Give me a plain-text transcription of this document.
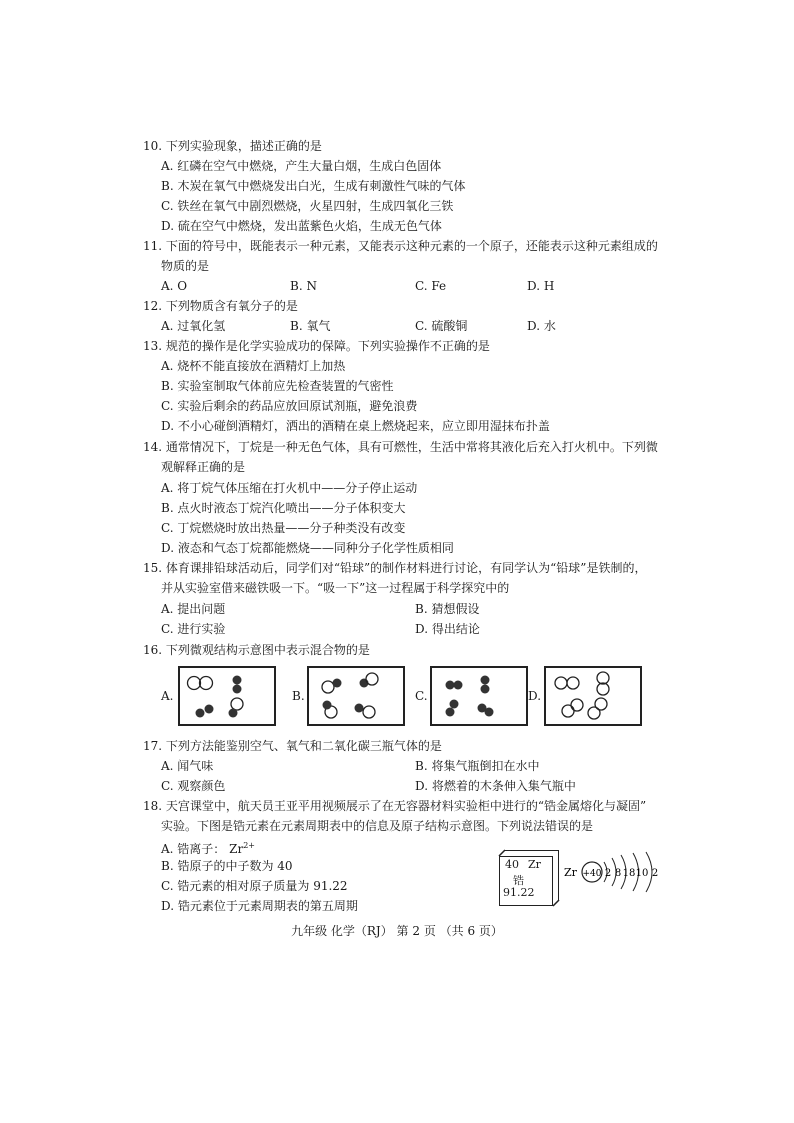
10. 下列实验现象，描述正确的是
A. 红磷在空气中燃烧，产生大量白烟，生成白色固体
B. 木炭在氧气中燃烧发出白光，生成有刺激性气味的气体
C. 铁丝在氧气中剧烈燃烧，火星四射，生成四氧化三铁
D. 硫在空气中燃烧，发出蓝紫色火焰，生成无色气体
11. 下面的符号中，既能表示一种元素，又能表示这种元素的一个原子，还能表示这种元素组成的
物质的是
A. O	B. N	C. Fe	D. H
12. 下列物质含有氧分子的是
A. 过氧化氢	B. 氧气	C. 硫酸铜	D. 水
13. 规范的操作是化学实验成功的保障。下列实验操作不正确的是
A. 烧杯不能直接放在酒精灯上加热
B. 实验室制取气体前应先检查装置的气密性
C. 实验后剩余的药品应放回原试剂瓶，避免浪费
D. 不小心碰倒酒精灯，洒出的酒精在桌上燃烧起来，应立即用湿抹布扑盖
14. 通常情况下，丁烷是一种无色气体，具有可燃性，生活中常将其液化后充入打火机中。下列微
观解释正确的是
A. 将丁烷气体压缩在打火机中——分子停止运动
B. 点火时液态丁烷汽化喷出——分子体积变大
C. 丁烷燃烧时放出热量——分子种类没有改变
D. 液态和气态丁烷都能燃烧——同种分子化学性质相同
15. 体育课排铅球活动后，同学们对“铅球”的制作材料进行讨论，有同学认为“铅球”是铁制的，
并从实验室借来磁铁吸一下。“吸一下”这一过程属于科学探究中的
A. 提出问题	B. 猜想假设
C. 进行实验	D. 得出结论
16. 下列微观结构示意图中表示混合物的是
A.	B.	C.	D.
17. 下列方法能鉴别空气、氧气和二氧化碳三瓶气体的是
A. 闻气味	B. 将集气瓶倒扣在水中
C. 观察颜色	D. 将燃着的木条伸入集气瓶中
18. 天宫课堂中，航天员王亚平用视频展示了在无容器材料实验柜中进行的“锆金属熔化与凝固”
实验。下图是锆元素在元素周期表中的信息及原子结构示意图。下列说法错误的是
A. 锆离子： $Zr^{2+}$
B. 锆原子的中子数为 40
C. 锆元素的相对原子质量为 91.22
D. 锆元素位于元素周期表的第五周期
40 Zr
锆
91.22
Zr +40 2 8 18 10 2
九年级 化学（RJ） 第 2 页 （共 6 页）
